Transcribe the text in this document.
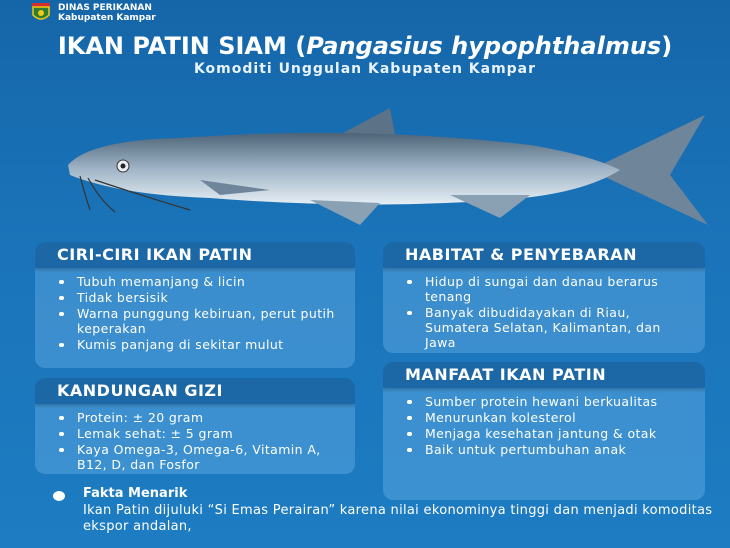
DINAS PERIKANAN
Kabupaten Kampar
IKAN PATIN SIAM (Pangasius hypophthalmus)
Komoditi Unggulan Kabupaten Kampar
CIRI-CIRI IKAN PATIN
Tubuh memanjang & licin
Tidak bersisik
Warna punggung kebiruan, perut putih keperakan
Kumis panjang di sekitar mulut
KANDUNGAN GIZI
Protein: ± 20 gram
Lemak sehat: ± 5 gram
Kaya Omega-3, Omega-6, Vitamin A, B12, D, dan Fosfor
HABITAT & PENYEBARAN
Hidup di sungai dan danau berarus tenang
Banyak dibudidayakan di Riau, Sumatera Selatan, Kalimantan, dan Jawa
MANFAAT IKAN PATIN
Sumber protein hewani berkualitas
Menurunkan kolesterol
Menjaga kesehatan jantung & otak
Baik untuk pertumbuhan anak
Fakta Menarik
Ikan Patin dijuluki “Si Emas Perairan” karena nilai ekonominya tinggi dan menjadi komoditas ekspor andalan,
